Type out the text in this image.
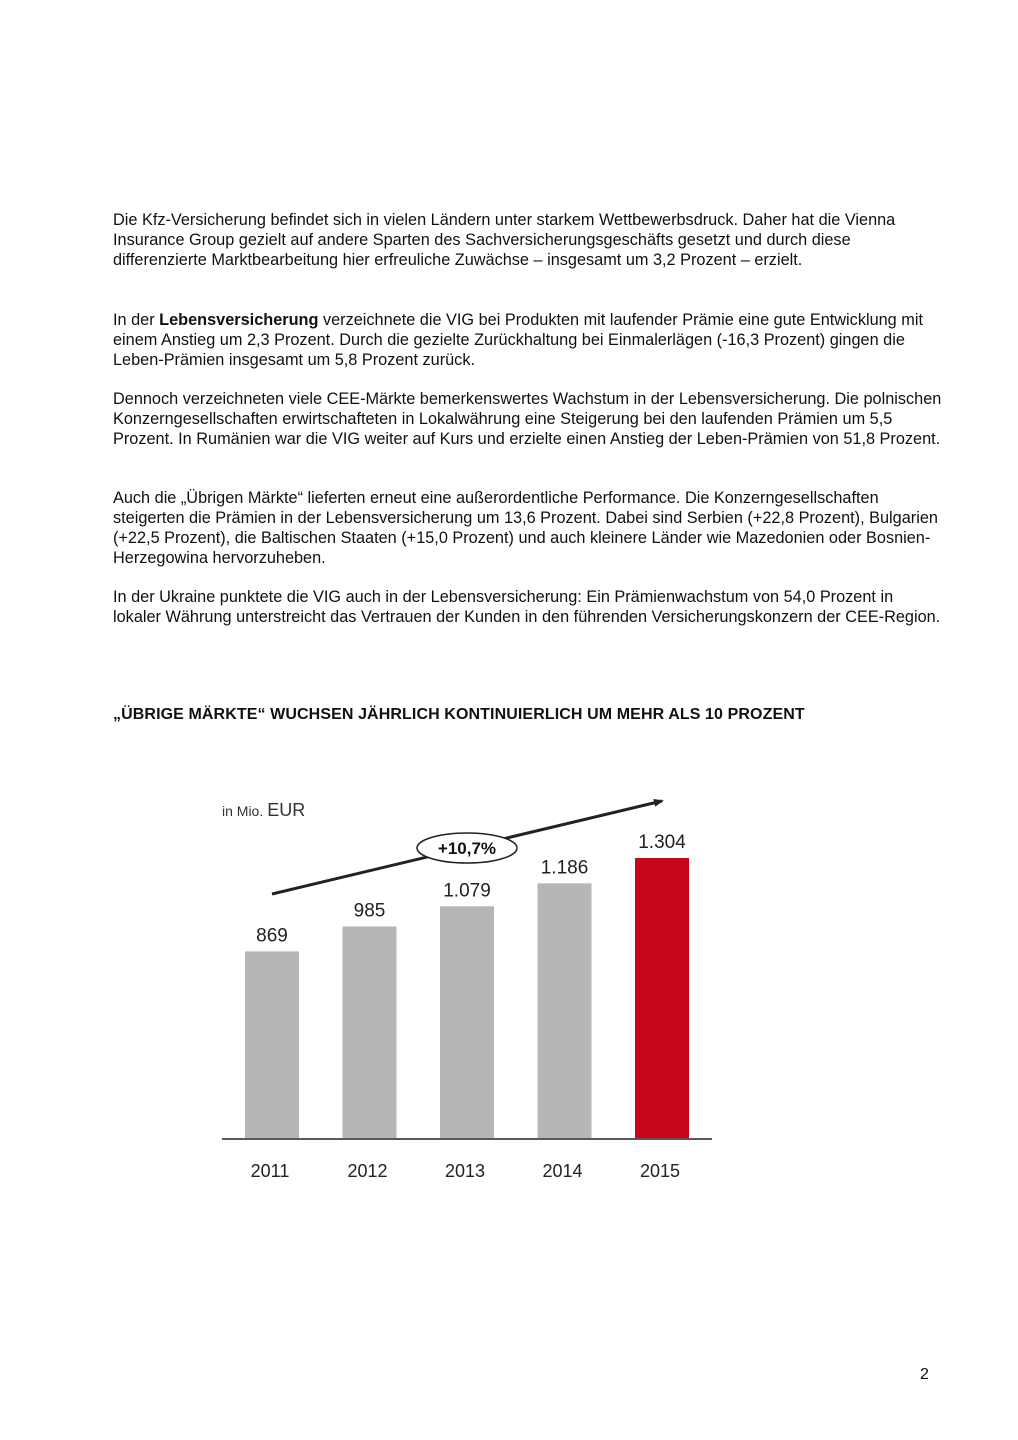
Die Kfz-Versicherung befindet sich in vielen Ländern unter starkem Wettbewerbsdruck. Daher hat die Vienna Insurance Group gezielt auf andere Sparten des Sachversicherungsgeschäfts gesetzt und durch diese differenzierte Marktbearbeitung hier erfreuliche Zuwächse – insgesamt um 3,2 Prozent – erzielt.

In der Lebensversicherung verzeichnete die VIG bei Produkten mit laufender Prämie eine gute Entwicklung mit einem Anstieg um 2,3 Prozent. Durch die gezielte Zurückhaltung bei Einmalerlägen (-16,3 Prozent) gingen die Leben-Prämien insgesamt um 5,8 Prozent zurück.

Dennoch verzeichneten viele CEE-Märkte bemerkenswertes Wachstum in der Lebensversicherung. Die polnischen Konzerngesellschaften erwirtschafteten in Lokalwährung eine Steigerung bei den laufenden Prämien um 5,5 Prozent. In Rumänien war die VIG weiter auf Kurs und erzielte einen Anstieg der Leben-Prämien von 51,8 Prozent.

Auch die „Übrigen Märkte“ lieferten erneut eine außerordentliche Performance. Die Konzerngesellschaften steigerten die Prämien in der Lebensversicherung um 13,6 Prozent. Dabei sind Serbien (+22,8 Prozent), Bulgarien (+22,5 Prozent), die Baltischen Staaten (+15,0 Prozent) und auch kleinere Länder wie Mazedonien oder Bosnien-Herzegowina hervorzuheben.

In der Ukraine punktete die VIG auch in der Lebensversicherung: Ein Prämienwachstum von 54,0 Prozent in lokaler Währung unterstreicht das Vertrauen der Kunden in den führenden Versicherungskonzern der CEE-Region.

„ÜBRIGE MÄRKTE“ WUCHSEN JÄHRLICH KONTINUIERLICH UM MEHR ALS 10 PROZENT

in Mio. EUR
+10,7%
869
2011
985
2012
1.079
2013
1.186
2014
1.304
2015
2
